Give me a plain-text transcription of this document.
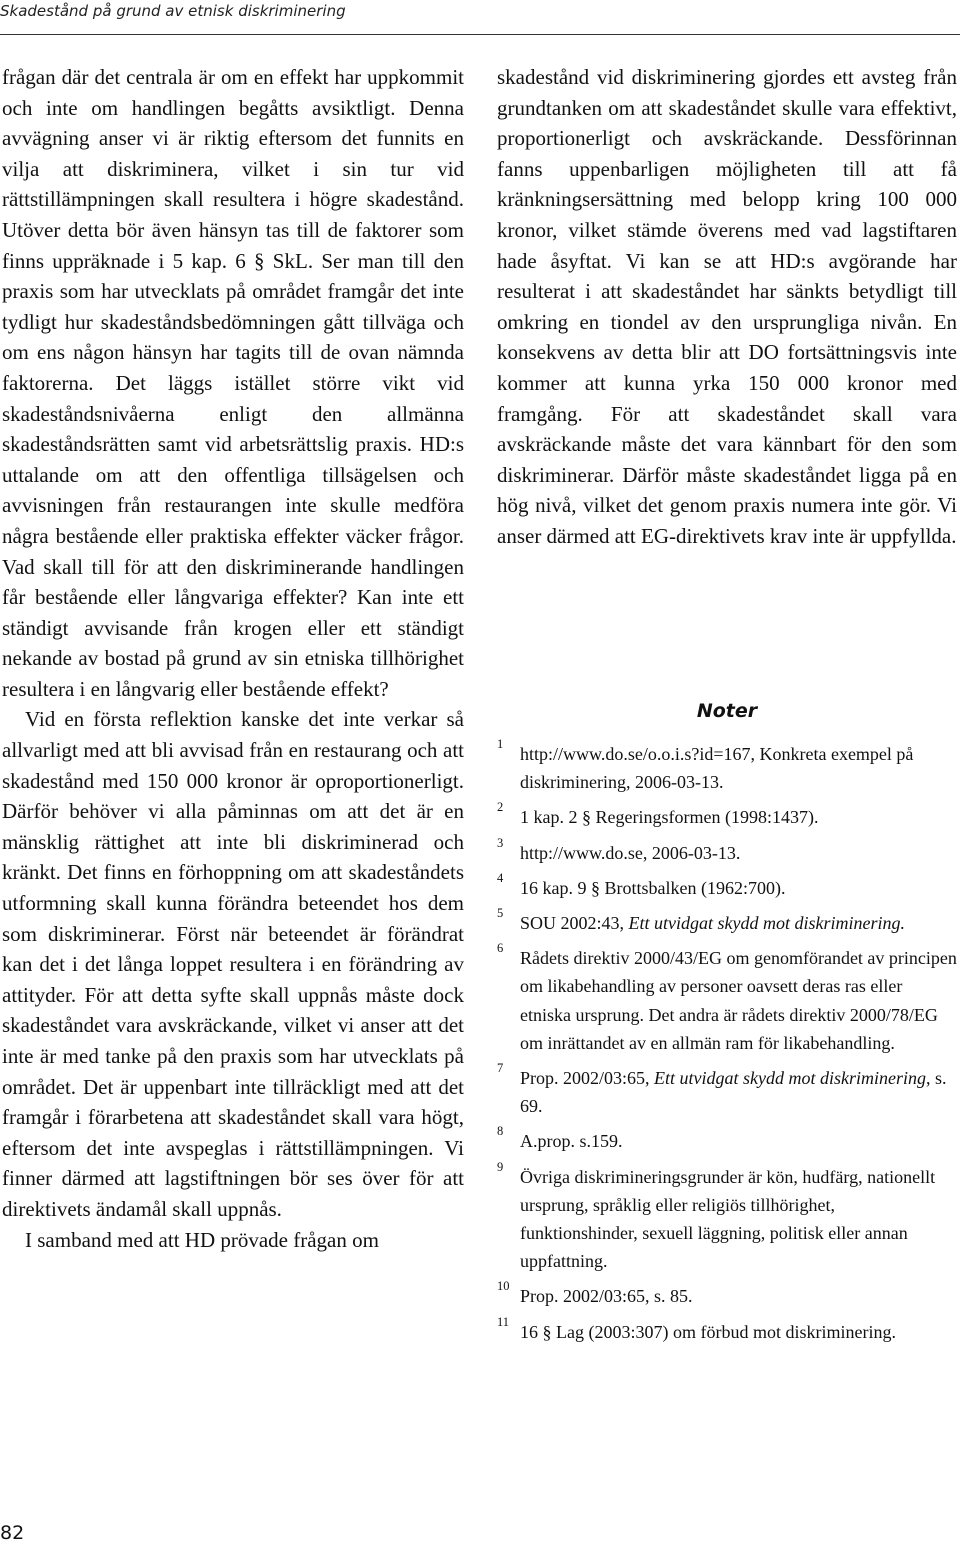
Skadestånd på grund av etnisk diskriminering

frågan där det centrala är om en effekt har uppkommit och inte om handlingen begåtts avsiktligt. Denna avvägning anser vi är riktig eftersom det funnits en vilja att diskriminera, vilket i sin tur vid rättstillämpningen skall resultera i högre skadestånd. Utöver detta bör även hänsyn tas till de faktorer som finns uppräknade i 5 kap. 6 § SkL. Ser man till den praxis som har utvecklats på området framgår det inte tydligt hur skadeståndsbedömningen gått tillväga och om ens någon hänsyn har tagits till de ovan nämnda faktorerna. Det läggs istället större vikt vid skadeståndsnivåerna enligt den allmänna skadeståndsrätten samt vid arbetsrättslig praxis. HD:s uttalande om att den offentliga tillsägelsen och avvisningen från restaurangen inte skulle medföra några bestående eller praktiska effekter väcker frågor. Vad skall till för att den diskriminerande handlingen får bestående eller långvariga effekter? Kan inte ett ständigt avvisande från krogen eller ett ständigt nekande av bostad på grund av sin etniska tillhörighet resultera i en långvarig eller bestående effekt?

Vid en första reflektion kanske det inte verkar så allvarligt med att bli avvisad från en restaurang och att skadestånd med 150 000 kronor är oproportionerligt. Därför behöver vi alla påminnas om att det är en mänsklig rättighet att inte bli diskriminerad och kränkt. Det finns en förhoppning om att skadeståndets utformning skall kunna förändra beteendet hos dem som diskriminerar. Först när beteendet är förändrat kan det i det långa loppet resultera i en förändring av attityder. För att detta syfte skall uppnås måste dock skadeståndet vara avskräckande, vilket vi anser att det inte är med tanke på den praxis som har utvecklats på området. Det är uppenbart inte tillräckligt med att det framgår i förarbetena att skadeståndet skall vara högt, eftersom det inte avspeglas i rättstillämpningen. Vi finner därmed att lagstiftningen bör ses över för att direktivets ändamål skall uppnås.

I samband med att HD prövade frågan om

skadestånd vid diskriminering gjordes ett avsteg från grundtanken om att skadeståndet skulle vara effektivt, proportionerligt och avskräckande. Dessförinnan fanns uppenbarligen möjligheten till att få kränkningsersättning med belopp kring 100 000 kronor, vilket stämde överens med vad lagstiftaren hade åsyftat. Vi kan se att HD:s avgörande har resulterat i att skadeståndet har sänkts betydligt till omkring en tiondel av den ursprungliga nivån. En konsekvens av detta blir att DO fortsättningsvis inte kommer att kunna yrka 150 000 kronor med framgång. För att skadeståndet skall vara avskräckande måste det vara kännbart för den som diskriminerar. Därför måste skadeståndet ligga på en hög nivå, vilket det genom praxis numera inte gör. Vi anser därmed att EG-direktivets krav inte är uppfyllda.

Noter
1 http://www.do.se/o.o.i.s?id=167, Konkreta exempel på diskriminering, 2006-03-13.
2 1 kap. 2 § Regeringsformen (1998:1437).
3 http://www.do.se, 2006-03-13.
4 16 kap. 9 § Brottsbalken (1962:700).
5 SOU 2002:43, Ett utvidgat skydd mot diskriminering.
6 Rådets direktiv 2000/43/EG om genomförandet av principen om likabehandling av personer oavsett deras ras eller etniska ursprung. Det andra är rådets direktiv 2000/78/EG om inrättandet av en allmän ram för likabehandling.
7 Prop. 2002/03:65, Ett utvidgat skydd mot diskriminering, s. 69.
8 A.prop. s.159.
9 Övriga diskrimineringsgrunder är kön, hudfärg, nationellt ursprung, språklig eller religiös tillhörighet, funktionshinder, sexuell läggning, politisk eller annan uppfattning.
10 Prop. 2002/03:65, s. 85.
11 16 § Lag (2003:307) om förbud mot diskriminering.
82
